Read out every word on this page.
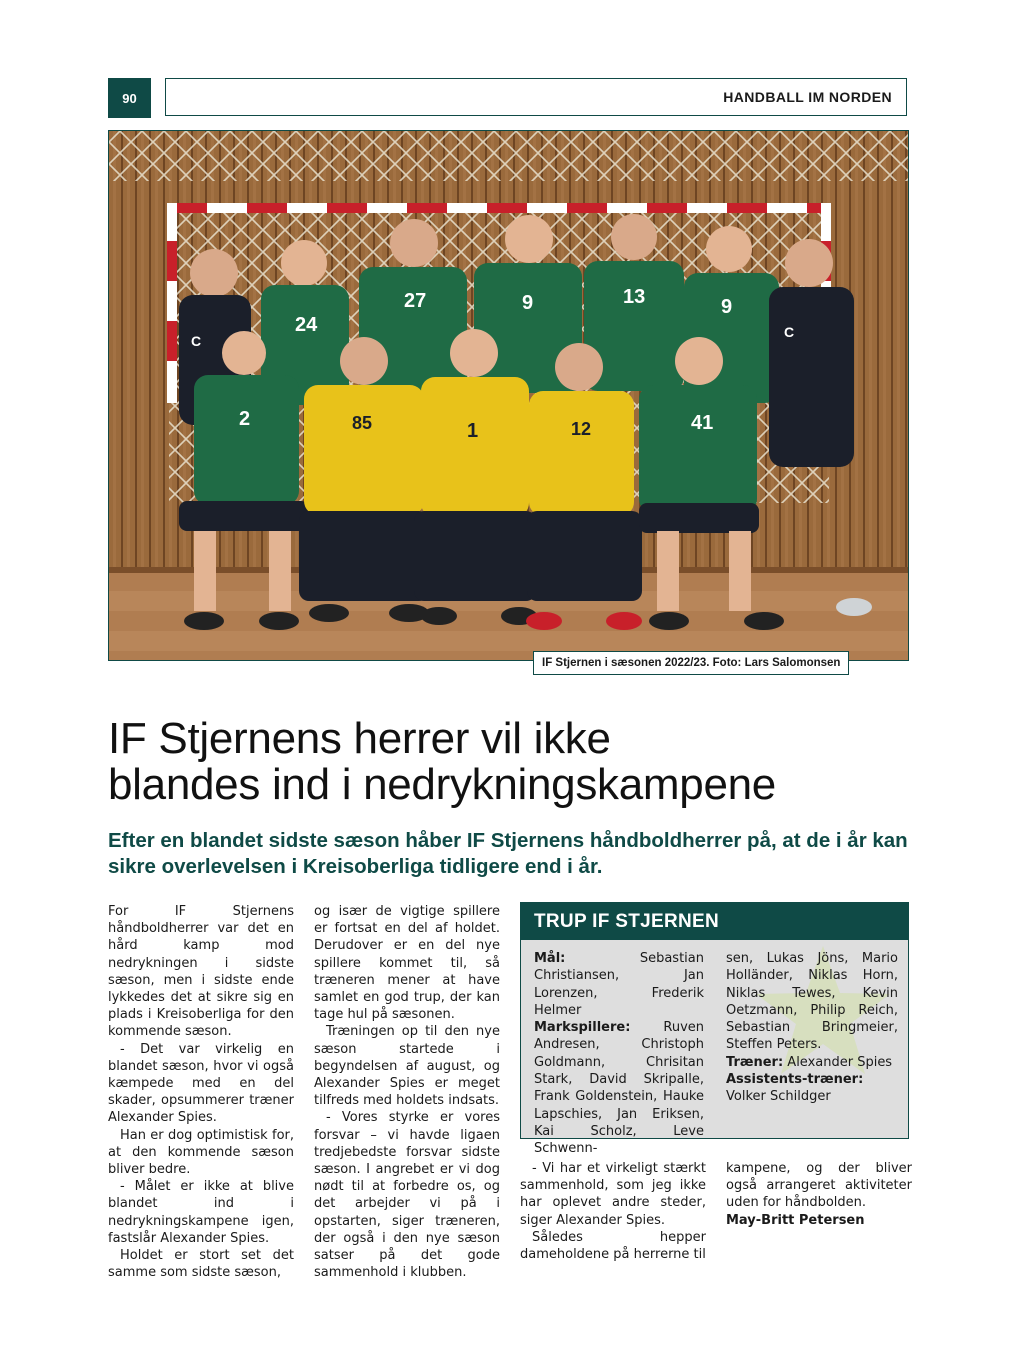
90	HANDBALL IM NORDEN
C
24
27	9	13	9
C
2	85	1	12	41
IF Stjernen i sæsonen 2022/23. Foto: Lars Salomonsen
IF Stjernens herrer vil ikke
blandes ind i nedrykningskampene

Efter en blandet sidste sæson håber IF Stjernens håndboldherrer på, at de i år kan sikre overlevelsen i Kreisoberliga tidligere end i år.

For IF Stjernens håndboldherrer var det en hård kamp mod nedrykningen i sidste sæson, men i sidste ende lykkedes det at sikre sig en plads i Kreisoberliga for den kommende sæson.

- Det var virkelig en blandet sæson, hvor vi også kæmpede med en del skader, opsummerer træner Alexander Spies.

Han er dog optimistisk for, at den kommende sæson bliver bedre.

- Målet er ikke at blive blandet ind i nedrykningskampene igen, fastslår Alexander Spies.

Holdet er stort set det samme som sidste sæson,

og især de vigtige spillere er fortsat en del af holdet. Derudover er en del nye spillere kommet til, så træneren mener at have samlet en god trup, der kan tage hul på sæsonen.

Træningen op til den nye sæson startede i begyndelsen af august, og Alexander Spies er meget tilfreds med holdets indsats.

- Vores styrke er vores forsvar – vi havde ligaen tredjebedste forsvar sidste sæson. I angrebet er vi dog nødt til at forbedre os, og det arbejder vi på i opstarten, siger træneren, der også i den nye sæson satser på det gode sammenhold i klubben.

TRUP IF STJERNEN

Mål:	Sebastian Christiansen, Jan Lorenzen, Frederik Helmer

Markspillere:	Ruven Andresen, Christoph Goldmann, Chrisitan Stark, David Skripalle, Frank Goldenstein, Hauke Lapschies, Jan Eriksen, Kai Scholz, Leve Schwenn-

sen, Lukas Jöns, Mario Holländer, Niklas Horn, Niklas Tewes, Kevin Oetzmann, Philip Reich, Sebastian Bringmeier, Steffen Peters.

Træner: Alexander Spies

Assistents-træner:
Volker Schildger

- Vi har et virkeligt stærkt sammenhold, som jeg ikke har oplevet andre steder, siger Alexander Spies.

Således hepper dameholdene på herrerne til

kampene, og der bliver også arrangeret aktiviteter uden for håndbolden.

May-Britt Petersen
